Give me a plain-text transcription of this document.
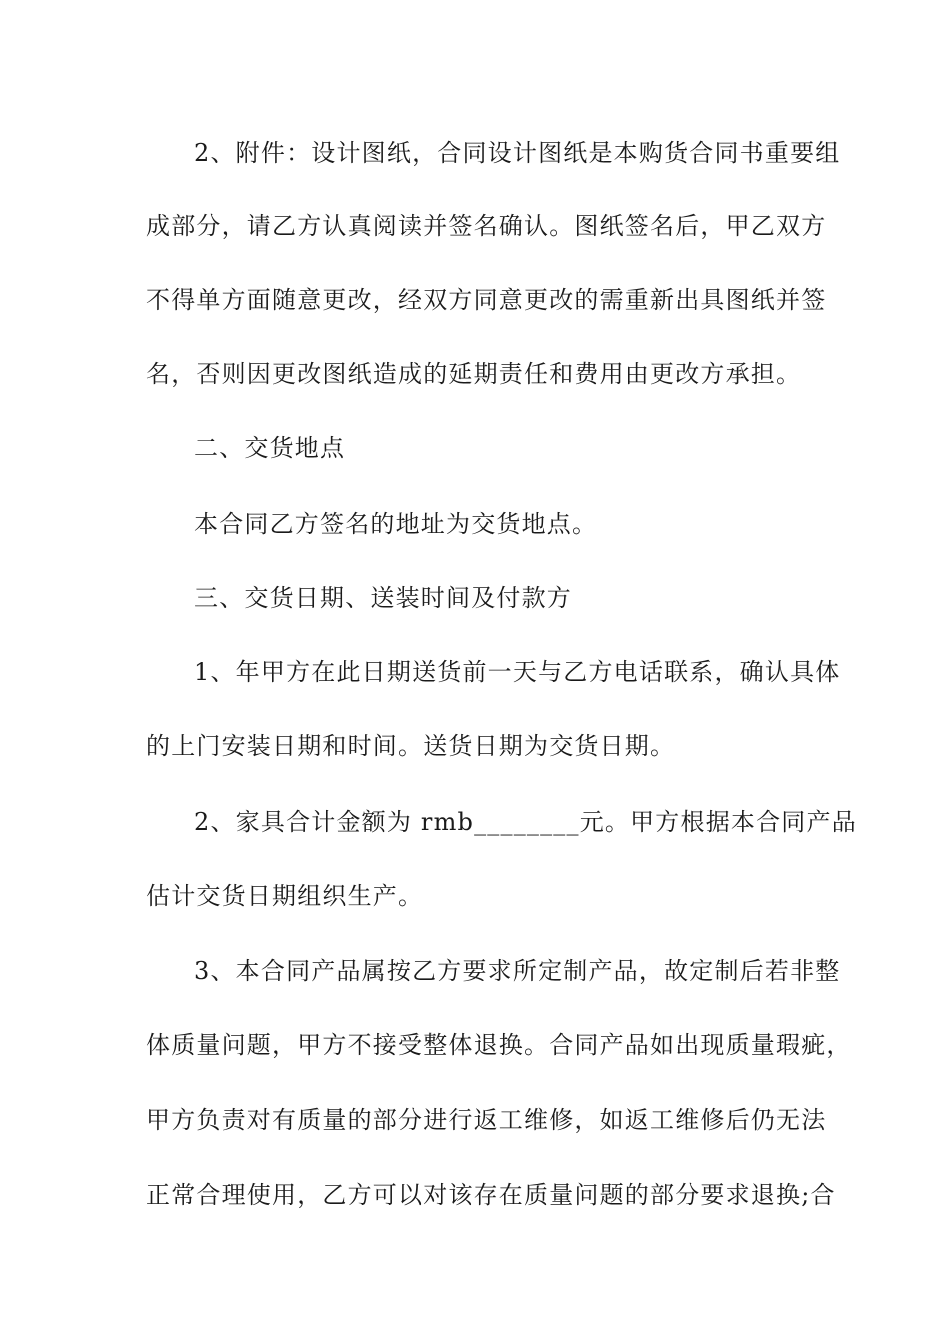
2、附件：设计图纸，合同设计图纸是本购货合同书重要组
成部分，请乙方认真阅读并签名确认。图纸签名后，甲乙双方
不得单方面随意更改，经双方同意更改的需重新出具图纸并签
名，否则因更改图纸造成的延期责任和费用由更改方承担。
二、交货地点
本合同乙方签名的地址为交货地点。
三、交货日期、送装时间及付款方
1、年甲方在此日期送货前一天与乙方电话联系，确认具体
的上门安装日期和时间。送货日期为交货日期。
2、家具合计金额为 rmb________元。甲方根据本合同产品
估计交货日期组织生产。
3、本合同产品属按乙方要求所定制产品，故定制后若非整
体质量问题，甲方不接受整体退换。合同产品如出现质量瑕疵，
甲方负责对有质量的部分进行返工维修，如返工维修后仍无法
正常合理使用，乙方可以对该存在质量问题的部分要求退换;合
